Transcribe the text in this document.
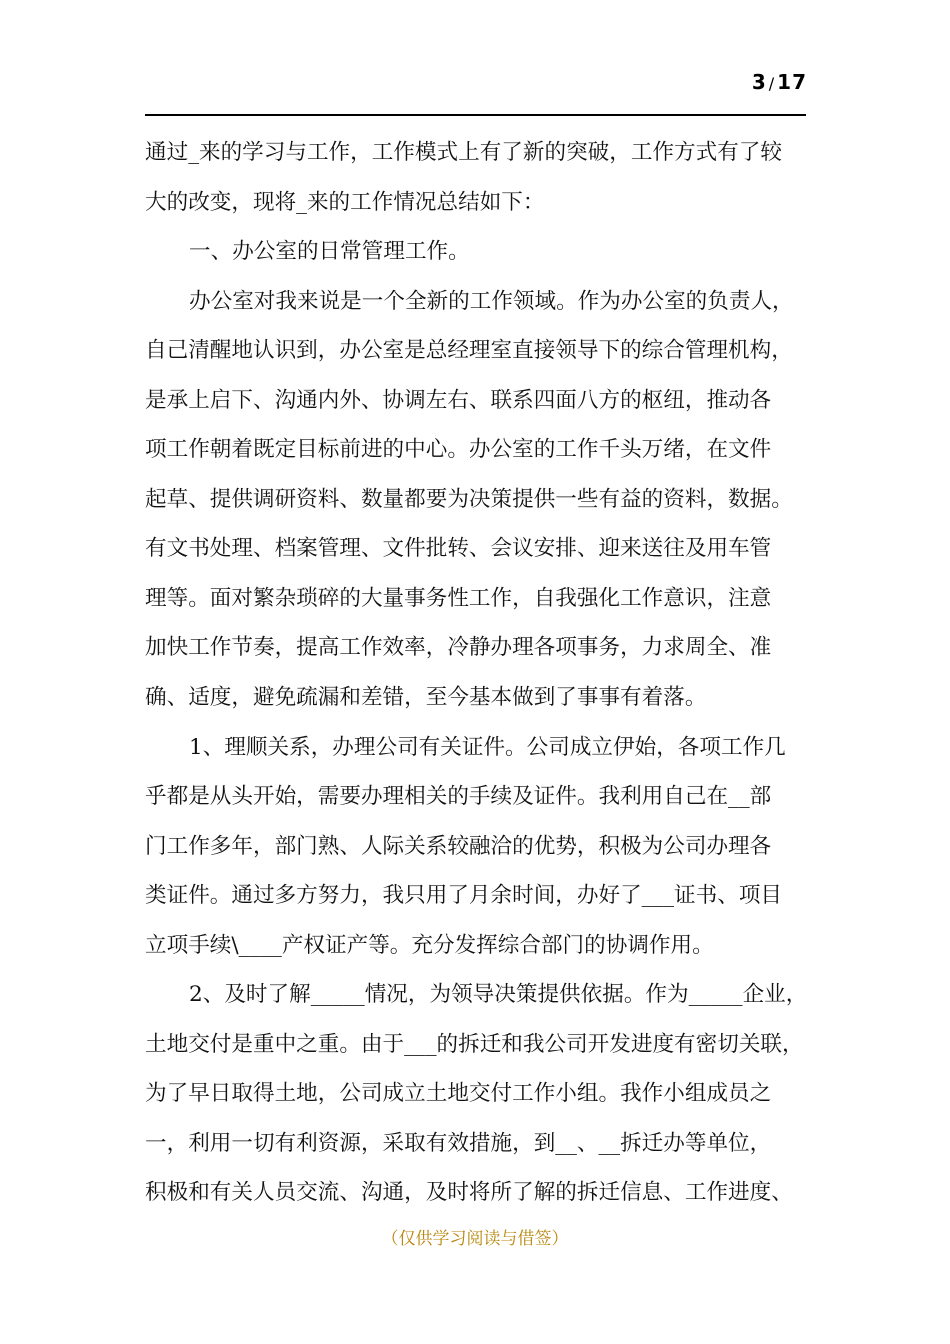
3 / 17
通过_来的学习与工作，工作模式上有了新的突破，工作方式有了较
大的改变，现将_来的工作情况总结如下：
一、办公室的日常管理工作。
办公室对我来说是一个全新的工作领域。作为办公室的负责人，
自己清醒地认识到，办公室是总经理室直接领导下的综合管理机构，
是承上启下、沟通内外、协调左右、联系四面八方的枢纽，推动各
项工作朝着既定目标前进的中心。办公室的工作千头万绪，在文件
起草、提供调研资料、数量都要为决策提供一些有益的资料，数据。
有文书处理、档案管理、文件批转、会议安排、迎来送往及用车管
理等。面对繁杂琐碎的大量事务性工作，自我强化工作意识，注意
加快工作节奏，提高工作效率，冷静办理各项事务，力求周全、准
确、适度，避免疏漏和差错，至今基本做到了事事有着落。
1、理顺关系，办理公司有关证件。公司成立伊始，各项工作几
乎都是从头开始，需要办理相关的手续及证件。我利用自己在__部
门工作多年，部门熟、人际关系较融洽的优势，积极为公司办理各
类证件。通过多方努力，我只用了月余时间，办好了___证书、项目
立项手续\____产权证产等。充分发挥综合部门的协调作用。
2、及时了解_____情况，为领导决策提供依据。作为_____企业，
土地交付是重中之重。由于___的拆迁和我公司开发进度有密切关联，
为了早日取得土地，公司成立土地交付工作小组。我作小组成员之
一，利用一切有利资源，采取有效措施，到__、__拆迁办等单位，
积极和有关人员交流、沟通，及时将所了解的拆迁信息、工作进度、
（仅供学习阅读与借签）
